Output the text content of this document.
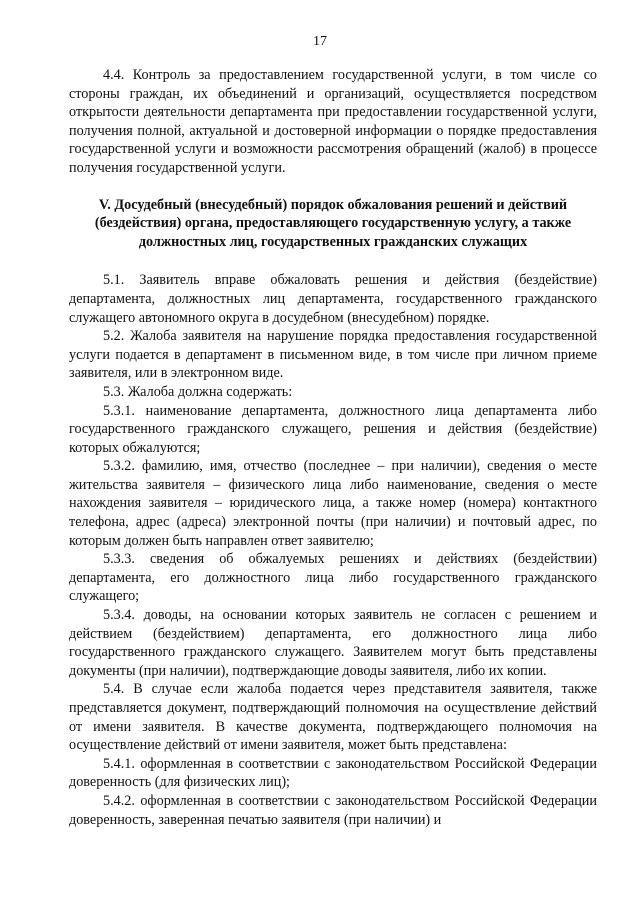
17

4.4. Контроль за предоставлением государственной услуги, в том числе со стороны граждан, их объединений и организаций, осуществляется посредством открытости деятельности департамента при предоставлении государственной услуги, получения полной, актуальной и достоверной информации о порядке предоставления государственной услуги и возможности рассмотрения обращений (жалоб) в процессе получения государственной услуги.

V. Досудебный (внесудебный) порядок обжалования решений и действий (бездействия) органа, предоставляющего государственную услугу, а также должностных лиц, государственных гражданских служащих

5.1. Заявитель вправе обжаловать решения и действия (бездействие) департамента, должностных лиц департамента, государственного гражданского служащего автономного округа в досудебном (внесудебном) порядке.

5.2. Жалоба заявителя на нарушение порядка предоставления государственной услуги подается в департамент в письменном виде, в том числе при личном приеме заявителя, или в электронном виде.

5.3. Жалоба должна содержать:

5.3.1. наименование департамента, должностного лица департамента либо государственного гражданского служащего, решения и действия (бездействие) которых обжалуются;

5.3.2. фамилию, имя, отчество (последнее – при наличии), сведения о месте жительства заявителя – физического лица либо наименование, сведения о месте нахождения заявителя – юридического лица, а также номер (номера) контактного телефона, адрес (адреса) электронной почты (при наличии) и почтовый адрес, по которым должен быть направлен ответ заявителю;

5.3.3. сведения об обжалуемых решениях и действиях (бездействии) департамента, его должностного лица либо государственного гражданского служащего;

5.3.4. доводы, на основании которых заявитель не согласен с решением и действием (бездействием) департамента, его должностного лица либо государственного гражданского служащего. Заявителем могут быть представлены документы (при наличии), подтверждающие доводы заявителя, либо их копии.

5.4. В случае если жалоба подается через представителя заявителя, также представляется документ, подтверждающий полномочия на осуществление действий от имени заявителя. В качестве документа, подтверждающего полномочия на осуществление действий от имени заявителя, может быть представлена:

5.4.1. оформленная в соответствии с законодательством Российской Федерации доверенность (для физических лиц);

5.4.2. оформленная в соответствии с законодательством Российской Федерации доверенность, заверенная печатью заявителя (при наличии) и
